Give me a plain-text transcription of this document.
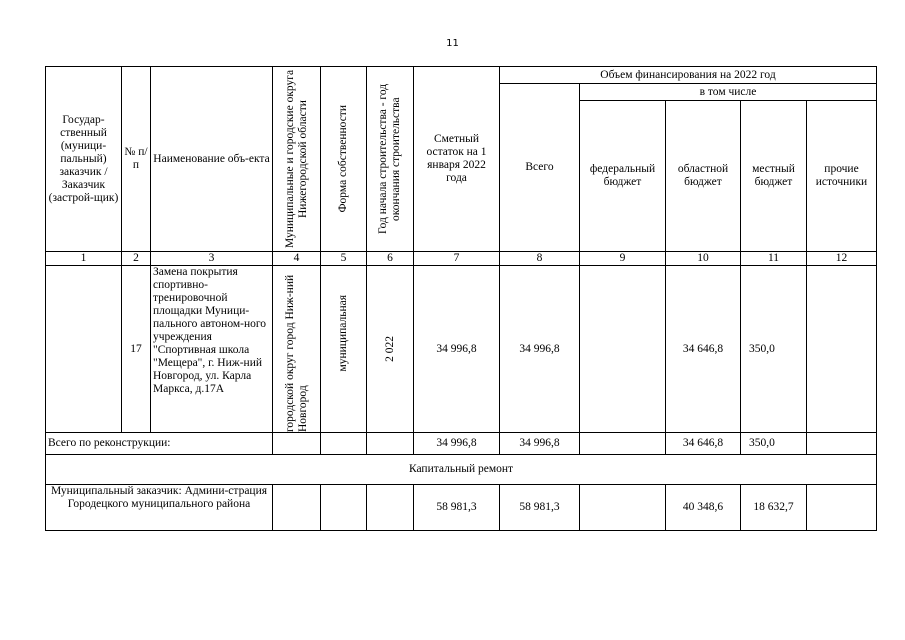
11
Государ-ственный (муници-пальный) заказчик / Заказчик (застрой-щик)	№ п/п	Наименование объ-екта	Муниципальные и городские округа Нижегородской области	Форма собственности	Год начала строительства - год окончания строительства	Сметный остаток на 1 января 2022 года	Объем финансирования на 2022 год				
							Всего	в том числе			
								федеральный бюджет	областной бюджет	местный бюджет	прочие источники
1	2	3	4	5	6	7	8	9	10	11	12
	17	Замена покрытия спортивно-тренировочной площадки Муници-пального автоном-ного учреждения "Спортивная школа "Мещера", г. Ниж-ний Новгород, ул. Карла Маркса, д.17А	городской округ город Ниж-ний Новгород	муниципальная	2 022	34 996,8	34 996,8		34 646,8	350,0	
Всего по реконструкции:						34 996,8	34 996,8		34 646,8	350,0	
Капитальный ремонт											
Муниципальный заказчик: Админи-страция Городецкого муниципального района						58 981,3	58 981,3		40 348,6	18 632,7	
